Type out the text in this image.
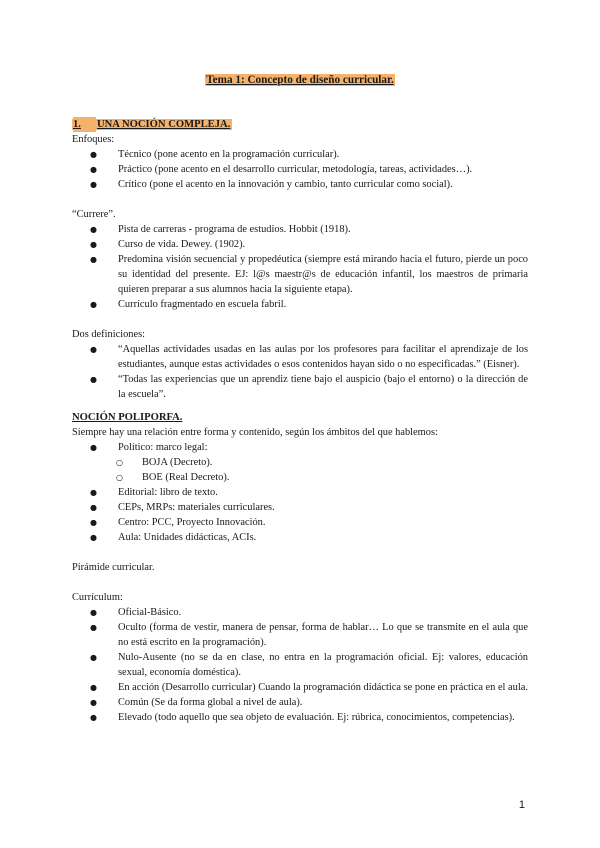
Tema 1: Concepto de diseño curricular.
1. UNA NOCIÓN COMPLEJA.

Enfoques:

● Técnico (pone acento en la programación curricular).
● Práctico (pone acento en el desarrollo curricular, metodología, tareas, actividades…).
● Crítico (pone el acento en la innovación y cambio, tanto curricular como social).

“Currere”.

● Pista de carreras - programa de estudios. Hobbit (1918).
● Curso de vida. Dewey. (1902).
● Predomina visión secuencial y propedéutica (siempre está mirando hacia el futuro, pierde un poco su identidad del presente. EJ: l@s maestr@s de educación infantil, los maestros de primaria quieren preparar a sus alumnos hacia la siguiente etapa).
● Currículo fragmentado en escuela fabril.

Dos definiciones:

● “Aquellas actividades usadas en las aulas por los profesores para facilitar el aprendizaje de los estudiantes, aunque estas actividades o esos contenidos hayan sido o no especificadas.” (Eisner).
● “Todas las experiencias que un aprendiz tiene bajo el auspicio (bajo el entorno) o la dirección de la escuela”.
NOCIÓN POLIPORFA.

Siempre hay una relación entre forma y contenido, según los ámbitos del que hablemos:

● Político: marco legal:
○ BOJA (Decreto).
○ BOE (Real Decreto).
● Editorial: libro de texto.
● CEPs, MRPs: materiales curriculares.
● Centro: PCC, Proyecto Innovación.
● Aula: Unidades didácticas, ACIs.

Pirámide curricular.

Currículum:

● Oficial-Básico.
● Oculto (forma de vestir, manera de pensar, forma de hablar… Lo que se transmite en el aula que no está escrito en la programación).
● Nulo-Ausente (no se da en clase, no entra en la programación oficial. Ej: valores, educación sexual, economía doméstica).
● En acción (Desarrollo curricular) Cuando la programación didáctica se pone en práctica en el aula.
● Común (Se da forma global a nivel de aula).
● Elevado (todo aquello que sea objeto de evaluación. Ej: rúbrica, conocimientos, competencias).
1
